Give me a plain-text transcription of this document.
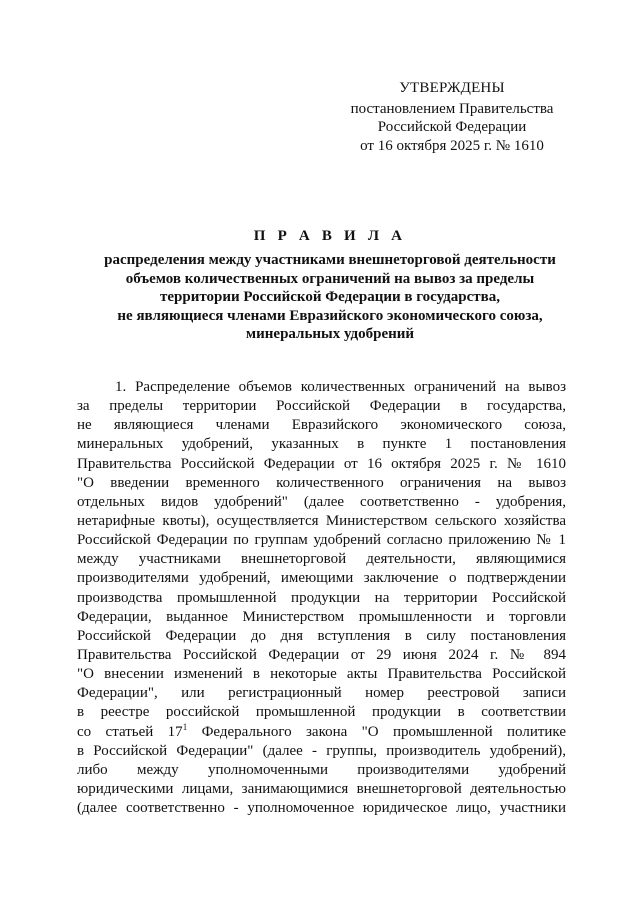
УТВЕРЖДЕНЫ
постановлением Правительства
Российской Федерации
от 16 октября 2025 г. № 1610
П Р А В И Л А
распределения между участниками внешнеторговой деятельности
объемов количественных ограничений на вывоз за пределы
территории Российской Федерации в государства,
не являющиеся членами Евразийского экономического союза,
минеральных удобрений
1. Распределение объемов количественных ограничений на вывоз
за пределы территории Российской Федерации в государства,
не являющиеся членами Евразийского экономического союза,
минеральных удобрений, указанных в пункте 1 постановления
Правительства Российской Федерации от 16 октября 2025 г. № 1610
"О введении временного количественного ограничения на вывоз
отдельных видов удобрений" (далее соответственно - удобрения,
нетарифные квоты), осуществляется Министерством сельского хозяйства
Российской Федерации по группам удобрений согласно приложению № 1
между участниками внешнеторговой деятельности, являющимися
производителями удобрений, имеющими заключение о подтверждении
производства промышленной продукции на территории Российской
Федерации, выданное Министерством промышленности и торговли
Российской Федерации до дня вступления в силу постановления
Правительства Российской Федерации от 29 июня 2024 г. № 894
"О внесении изменений в некоторые акты Правительства Российской
Федерации", или регистрационный номер реестровой записи
в реестре российской промышленной продукции в соответствии
со статьей $17^1$ Федерального закона "О промышленной политике
в Российской Федерации" (далее - группы, производитель удобрений),
либо между уполномоченными производителями удобрений
юридическими лицами, занимающимися внешнеторговой деятельностью
(далее соответственно - уполномоченное юридическое лицо, участники
